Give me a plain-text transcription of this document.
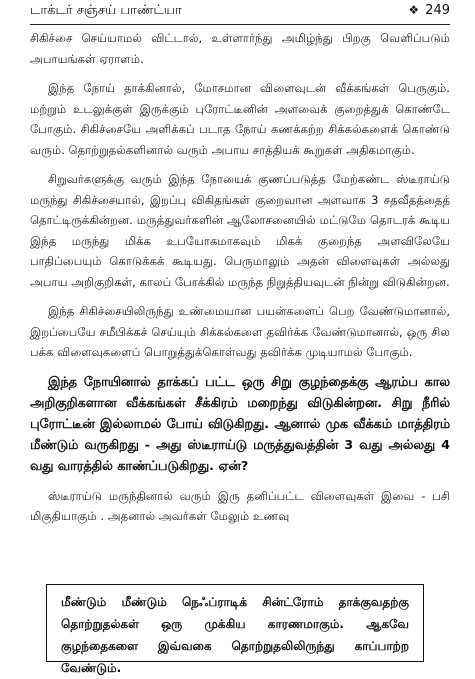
டாக்டர் சஞ்சய் பாண்ட்யா	❖ 249

சிகிச்சை செய்யாமல் விட்டால், உள்ளார்ந்து அமிழ்ந்து பிறகு வெளிப்படும் அபாயங்கள் ஏராளம்.

இந்த நோய் தாக்கினால், மோசமான விளைவுடன் வீக்கங்கள் பெருகும். மற்றும் உடலுக்குள் இருக்கும் புரோட்டீனின் அளவைக் குறைத்துக் கொண்டே போகும். சிகிச்சையே அளிக்கப் படாத நோய் கணக்கற்ற சிக்கல்களைக் கொண்டு வரும். தொற்றுதல்களினால் வரும் அபாய சாத்தியக் கூறுகள் அதிகமாகும்.

சிறுவர்களுக்கு வரும் இந்த நோயைக் குணப்படுத்த மேற்கண்ட ஸ்டீராய்டு மருந்து சிகிச்சையால், இறப்பு விகிதங்கள் குறைவான அளவாக 3 சதவீதத்தைத் தொட்டிருக்கின்றன. மருத்துவர்களின் ஆலோசனையில் மட்டுமே தொடரக் கூடிய இந்த மருந்து மிக்க உபயோகமாகவும் மிகக் குறைந்த அளவிலேயே பாதிப்பையும் கொடுக்கக் கூடியது. பெருமாலும் அதன் விளைவுகள் அல்லது அபாய அறிகுறிகள், காலப் போக்கில் மருந்த நிறுத்தியவுடன் நின்று விடுகின்றன.

இந்த சிகிச்சையிலிருந்து உண்மையான பயன்களைப் பெற வேண்டுமானால், இறப்பையே சமீபிக்கச் செய்யும் சிக்கல்களை தவிர்க்க வேண்டுமானால், ஒரு சில பக்க விளைவுகளைப் பொறுத்துக்கொள்வது தவிர்க்க முடியாமல் போகும்.

இந்த நோயினால் தாக்கப் பட்ட ஒரு சிறு குழந்தைக்கு ஆரம்ப கால அறிகுறிகளான வீக்கங்கள் சீக்கிரம் மறைந்து விடுகின்றன. சிறு நீரில் புரோட்டீன் இல்லாமல் போய் விடுகிறது. ஆனால் முக வீக்கம் மாத்திரம் மீண்டும் வருகிறது - அது ஸ்டீராய்டு மருத்துவத்தின் 3 வது அல்லது 4 வது வாரத்தில் காண்ப்படுகிறது. ஏன்?

ஸ்டீராய்டு மருந்தினால் வரும் இரு தனிப்பட்ட விளைவுகள் இவை - பசி மிகுதியாகும் . அதனால் அவர்கள் மேலும் உணவு

மீண்டும் மீண்டும் நெஃப்ராடிக் சின்ட்ரோம் தாக்குவதற்கு தொற்றுதல்கள் ஒரு முக்கிய காரணமாகும். ஆகவே குழந்தைகளை இவ்வகை தொற்றுதலிலிருந்து காப்பாற்ற வேண்டும்.
